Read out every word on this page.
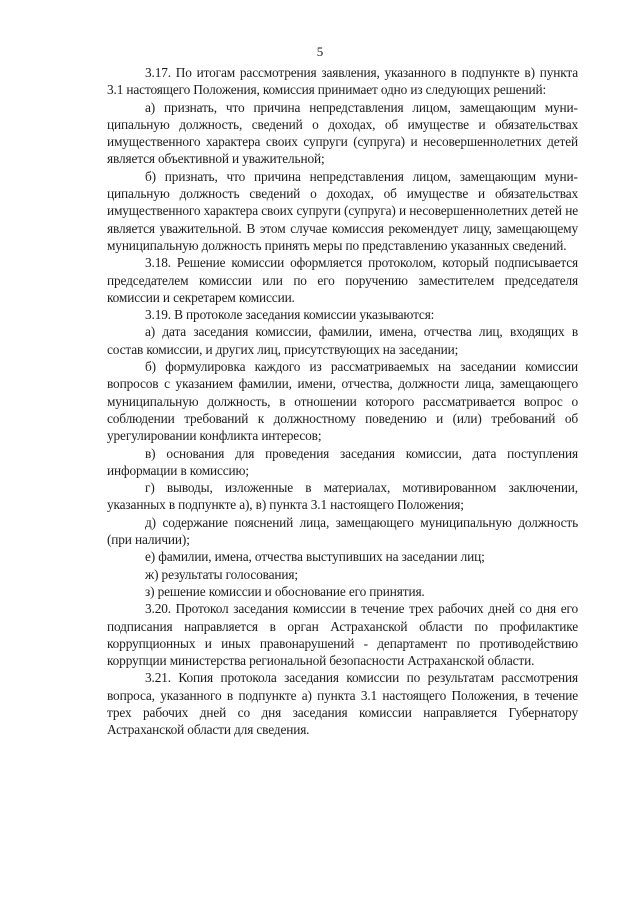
5

3.17. По итогам рассмотрения заявления, указанного в подпункте в) пункта 3.1 настоящего Положения, комиссия принимает одно из следующих решений:

а) признать, что причина непредставления лицом, замещающим муниципальную должность, сведений о доходах, об имуществе и обязательствах имущественного характера своих супруги (супруга) и несовершеннолетних детей является объективной и уважительной;

б) признать, что причина непредставления лицом, замещающим муниципальную должность сведений о доходах, об имуществе и обязательствах имущественного характера своих супруги (супруга) и несовершеннолетних детей не является уважительной. В этом случае комиссия рекомендует лицу, замещающему муниципальную должность принять меры по представлению указанных сведений.

3.18. Решение комиссии оформляется протоколом, который подписывается председателем комиссии или по его поручению заместителем председателя комиссии и секретарем комиссии.

3.19. В протоколе заседания комиссии указываются:

а) дата заседания комиссии, фамилии, имена, отчества лиц, входящих в состав комиссии, и других лиц, присутствующих на заседании;

б) формулировка каждого из рассматриваемых на заседании комиссии вопросов с указанием фамилии, имени, отчества, должности лица, замещающего муниципальную должность, в отношении которого рассматривается вопрос о соблюдении требований к должностному поведению и (или) требований об урегулировании конфликта интересов;

в) основания для проведения заседания комиссии, дата поступления информации в комиссию;

г) выводы, изложенные в материалах, мотивированном заключении, указанных в подпункте а), в) пункта 3.1 настоящего Положения;

д) содержание пояснений лица, замещающего муниципальную должность (при наличии);

е) фамилии, имена, отчества выступивших на заседании лиц;

ж) результаты голосования;

з) решение комиссии и обоснование его принятия.

3.20. Протокол заседания комиссии в течение трех рабочих дней со дня его подписания направляется в орган Астраханской области по профилактике коррупционных и иных правонарушений - департамент по противодействию коррупции министерства региональной безопасности Астраханской области.

3.21. Копия протокола заседания комиссии по результатам рассмотрения вопроса, указанного в подпункте а) пункта 3.1 настоящего Положения, в течение трех рабочих дней со дня заседания комиссии направляется Губернатору Астраханской области для сведения.
